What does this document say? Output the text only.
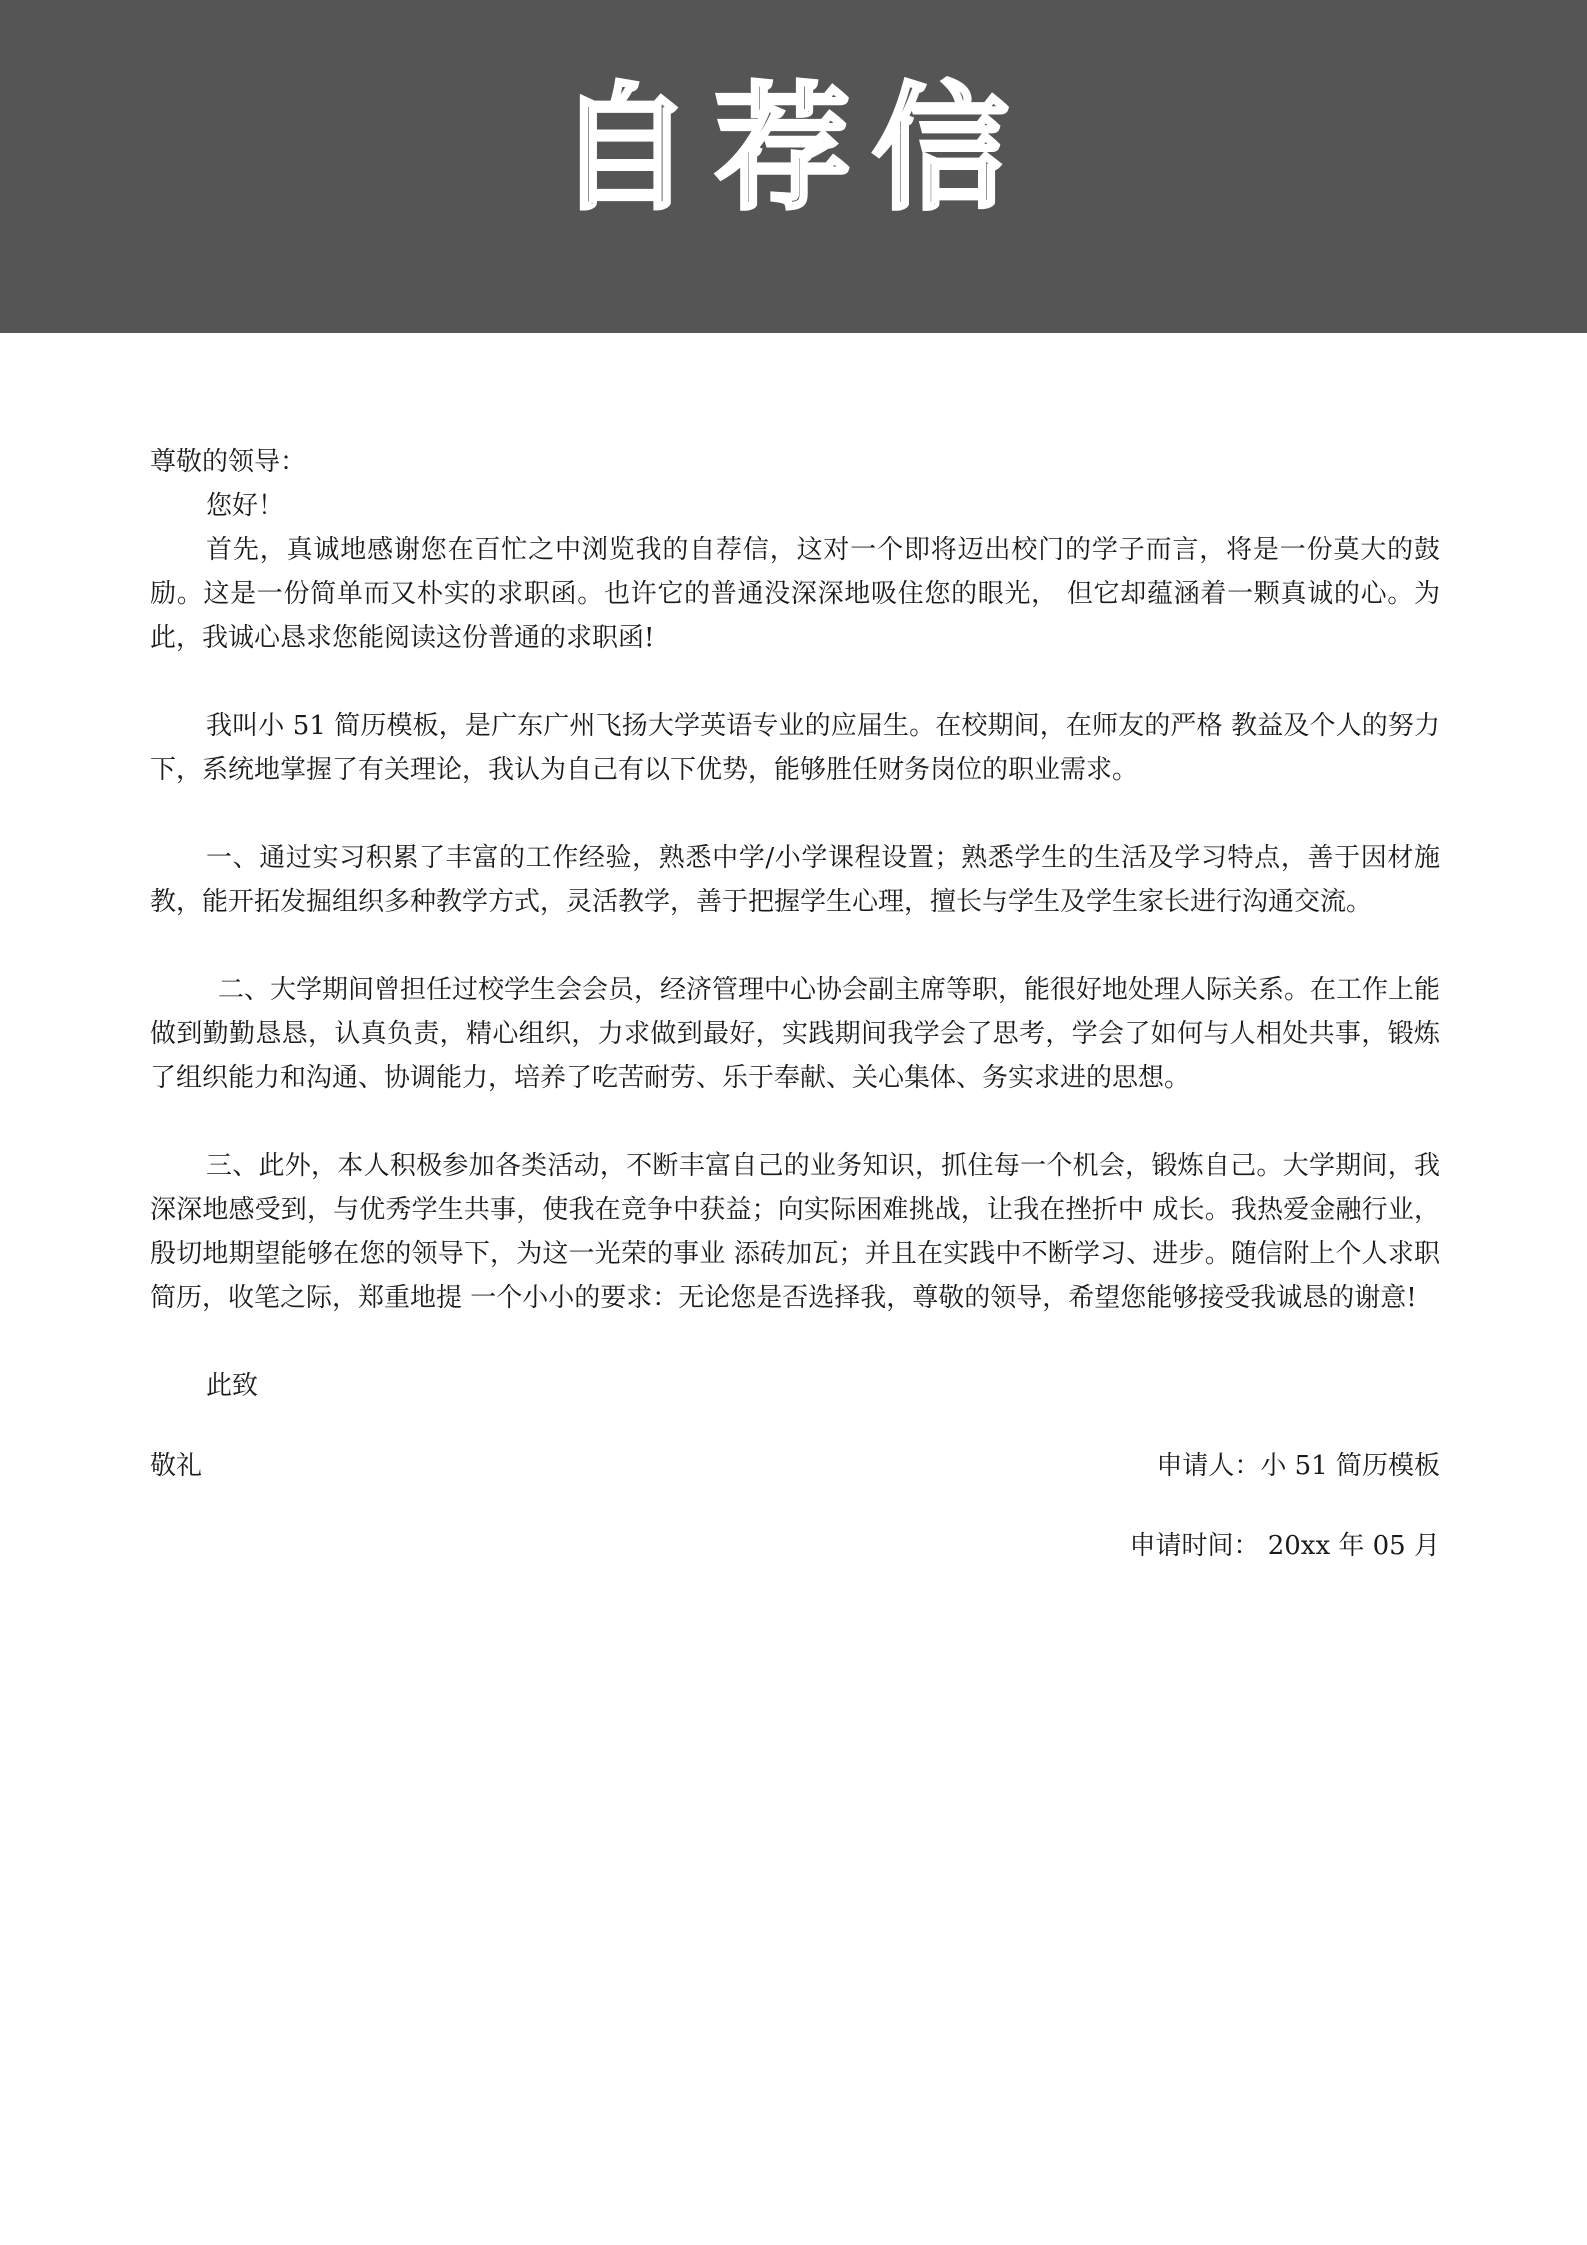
自荐信

尊敬的领导：

您好！

首先，真诚地感谢您在百忙之中浏览我的自荐信，这对一个即将迈出校门的学子而言，将是一份莫大的鼓励。这是一份简单而又朴实的求职函。也许它的普通没深深地吸住您的眼光， 但它却蕴涵着一颗真诚的心。为此，我诚心恳求您能阅读这份普通的求职函!

我叫小 51 简历模板，是广东广州飞扬大学英语专业的应届生。在校期间，在师友的严格 教益及个人的努力下，系统地掌握了有关理论，我认为自己有以下优势，能够胜任财务岗位的职业需求。

一、通过实习积累了丰富的工作经验，熟悉中学/小学课程设置；熟悉学生的生活及学习特点，善于因材施教，能开拓发掘组织多种教学方式，灵活教学，善于把握学生心理，擅长与学生及学生家长进行沟通交流。

二、大学期间曾担任过校学生会会员，经济管理中心协会副主席等职，能很好地处理人际关系。在工作上能做到勤勤恳恳，认真负责，精心组织，力求做到最好，实践期间我学会了思考，学会了如何与人相处共事，锻炼了组织能力和沟通、协调能力，培养了吃苦耐劳、乐于奉献、关心集体、务实求进的思想。

三、此外，本人积极参加各类活动，不断丰富自己的业务知识，抓住每一个机会，锻炼自己。大学期间，我深深地感受到，与优秀学生共事，使我在竞争中获益；向实际困难挑战，让我在挫折中 成长。我热爱金融行业，殷切地期望能够在您的领导下，为这一光荣的事业 添砖加瓦；并且在实践中不断学习、进步。随信附上个人求职简历，收笔之际，郑重地提 一个小小的要求：无论您是否选择我，尊敬的领导，希望您能够接受我诚恳的谢意!

此致

敬礼	申请人：小 51 简历模板
申请时间： 20xx 年 05 月
